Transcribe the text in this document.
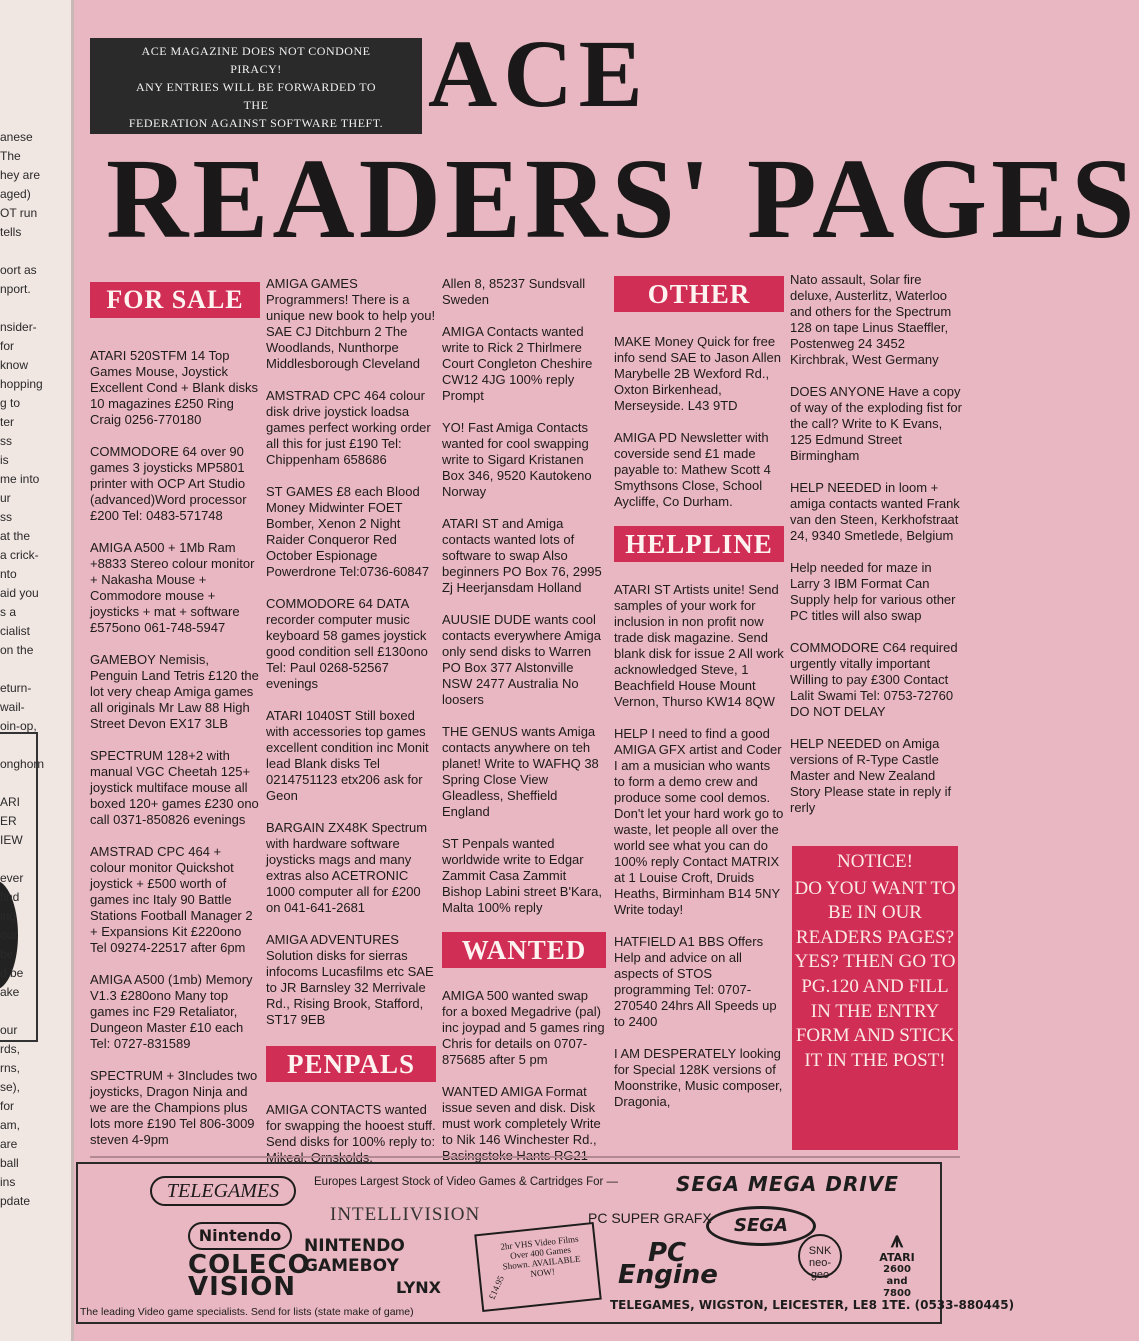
anese
The
hey are
aged)
OT run
tells
oort as
nport.
nsider-
for
know
hopping
g to
ter
ss
is
me into
ur
ss
at the
a crick-
nto
aid you
s a
cialist
on the
eturn-
wail-
oin-op,
onghorn
ARI
ER
IEW
ever
find
ing
our
be
d be
ake
our
rds,
rns,
se),
for
am,
are
ball
ins
pdate
ACE MAGAZINE DOES NOT CONDONE
PIRACY!
ANY ENTRIES WILL BE FORWARDED TO
THE
FEDERATION AGAINST SOFTWARE THEFT. ACE
READERS' PAGES
FOR SALE

ATARI 520STFM 14 Top Games Mouse, Joystick Excellent Cond + Blank disks 10 magazines £250 Ring Craig 0256-770180

COMMODORE 64 over 90 games 3 joysticks MP5801 printer with OCP Art Studio (advanced)Word processor £200 Tel: 0483-571748

AMIGA A500 + 1Mb Ram +8833 Stereo colour monitor + Nakasha Mouse + Commodore mouse + joysticks + mat + software £575ono 061-748-5947

GAMEBOY Nemisis, Penguin Land Tetris £120 the lot very cheap Amiga games all originals Mr Law 88 High Street Devon EX17 3LB

SPECTRUM 128+2 with manual VGC Cheetah 125+ joystick multiface mouse all boxed 120+ games £230 ono call 0371-850826 evenings

AMSTRAD CPC 464 + colour monitor Quickshot joystick + £500 worth of games inc Italy 90 Battle Stations Football Manager 2 + Expansions Kit £220ono Tel 09274-22517 after 6pm

AMIGA A500 (1mb) Memory V1.3 £280ono Many top games inc F29 Retaliator, Dungeon Master £10 each Tel: 0727-831589

SPECTRUM + 3Includes two joysticks, Dragon Ninja and we are the Champions plus lots more £190 Tel 806-3009 steven 4-9pm

AMIGA GAMES Programmers! There is a unique new book to help you! SAE CJ Ditchburn 2 The Woodlands, Nunthorpe Middlesborough Cleveland

AMSTRAD CPC 464 colour disk drive joystick loadsa games perfect working order all this for just £190 Tel: Chippenham 658686

ST GAMES £8 each Blood Money Midwinter FOET Bomber, Xenon 2 Night Raider Conqueror Red October Espionage Powerdrone Tel:0736-60847

COMMODORE 64 DATA recorder computer music keyboard 58 games joystick good condition sell £130ono Tel: Paul 0268-52567 evenings

ATARI 1040ST Still boxed with accessories top games excellent condition inc Monit lead Blank disks Tel 0214751123 etx206 ask for Geon

BARGAIN ZX48K Spectrum with hardware software joysticks mags and many extras also ACETRONIC 1000 computer all for £200 on 041-641-2681

AMIGA ADVENTURES Solution disks for sierras infocoms Lucasfilms etc SAE to JR Barnsley 32 Merrivale Rd., Rising Brook, Stafford, ST17 9EB

PENPALS

AMIGA CONTACTS wanted for swapping the hooest stuff. Send disks for 100% reply to:

Allen 8, 85237 Sundsvall Sweden

AMIGA Contacts wanted write to Rick 2 Thirlmere Court Congleton Cheshire CW12 4JG 100% reply Prompt

YO! Fast Amiga Contacts wanted for cool swapping write to Sigard Kristanen Box 346, 9520 Kautokeno Norway

ATARI ST and Amiga contacts wanted lots of software to swap Also beginners PO Box 76, 2995 Zj Heerjansdam Holland

AUUSIE DUDE wants cool contacts everywhere Amiga only send disks to Warren PO Box 377 Alstonville NSW 2477 Australia No loosers

THE GENUS wants Amiga contacts anywhere on teh planet! Write to WAFHQ 38 Spring Close View Gleadless, Sheffield England

ST Penpals wanted worldwide write to Edgar Zammit Casa Zammit Bishop Labini street B'Kara, Malta 100% reply

WANTED

AMIGA 500 wanted swap for a boxed Megadrive (pal) inc joypad and 5 games ring Chris for details on 0707-875685 after 5 pm

WANTED AMIGA Format issue seven and disk. Disk must work completely Write to Nik 146 Winchester Rd.,

OTHER

MAKE Money Quick for free info send SAE to Jason Allen Marybelle 2B Wexford Rd., Oxton Birkenhead, Merseyside. L43 9TD

AMIGA PD Newsletter with coverside send £1 made payable to: Mathew Scott 4 Smythsons Close, School Aycliffe, Co Durham.

HELPLINE

ATARI ST Artists unite! Send samples of your work for inclusion in non profit now trade disk magazine. Send blank disk for issue 2 All work acknowledged Steve, 1 Beachfield House Mount Vernon, Thurso KW14 8QW

HELP I need to find a good AMIGA GFX artist and Coder I am a musician who wants to form a demo crew and produce some cool demos. Don't let your hard work go to waste, let people all over the world see what you can do 100% reply Contact MATRIX at 1 Louise Croft, Druids Heaths, Birminham B14 5NY Write today!

HATFIELD A1 BBS Offers Help and advice on all aspects of STOS programming Tel: 0707-270540 24hrs All Speeds up to 2400

I AM DESPERATELY looking for Special 128K versions of Moonstrike, Music composer, Dragonia,

Nato assault, Solar fire deluxe, Austerlitz, Waterloo and others for the Spectrum 128 on tape Linus Staeffler, Postenweg 24 3452 Kirchbrak, West Germany

DOES ANYONE Have a copy of way of the exploding fist for the call? Write to K Evans, 125 Edmund Street Birmingham

HELP NEEDED in loom + amiga contacts wanted Frank van den Steen, Kerkhofstraat 24, 9340 Smetlede, Belgium

Help needed for maze in Larry 3 IBM Format Can Supply help for various other PC titles will also swap

COMMODORE C64 required urgently vitally important Willing to pay £300 Contact Lalit Swami Tel: 0753-72760 DO NOT DELAY

HELP NEEDED on Amiga versions of R-Type Castle Master and New Zealand Story Please state in reply if rerly

NOTICE!
DO YOU WANT TO BE IN OUR READERS PAGES? YES? THEN GO TO PG.120 AND FILL IN THE ENTRY FORM AND STICK IT IN THE POST!
TELEGAMES	Europes Largest Stock of Video Games & Cartridges For —	SEGA MEGA DRIVE
INTELLIVISION	PC SUPER GRAFX	SEGA
Nintendo
COLECO
VISION
NINTENDO
GAMEBOY
2hr VHS Video Films Over 400 Games Shown. AVAILABLE NOW!
£14.95
LYNX
PC
Engine
SNK
neo-geo
⩚
ATARI
2600 and 7800
The leading Video game specialists. Send for lists (state make of game)	TELEGAMES, WIGSTON, LEICESTER, LE8 1TE. (0533-880445)
